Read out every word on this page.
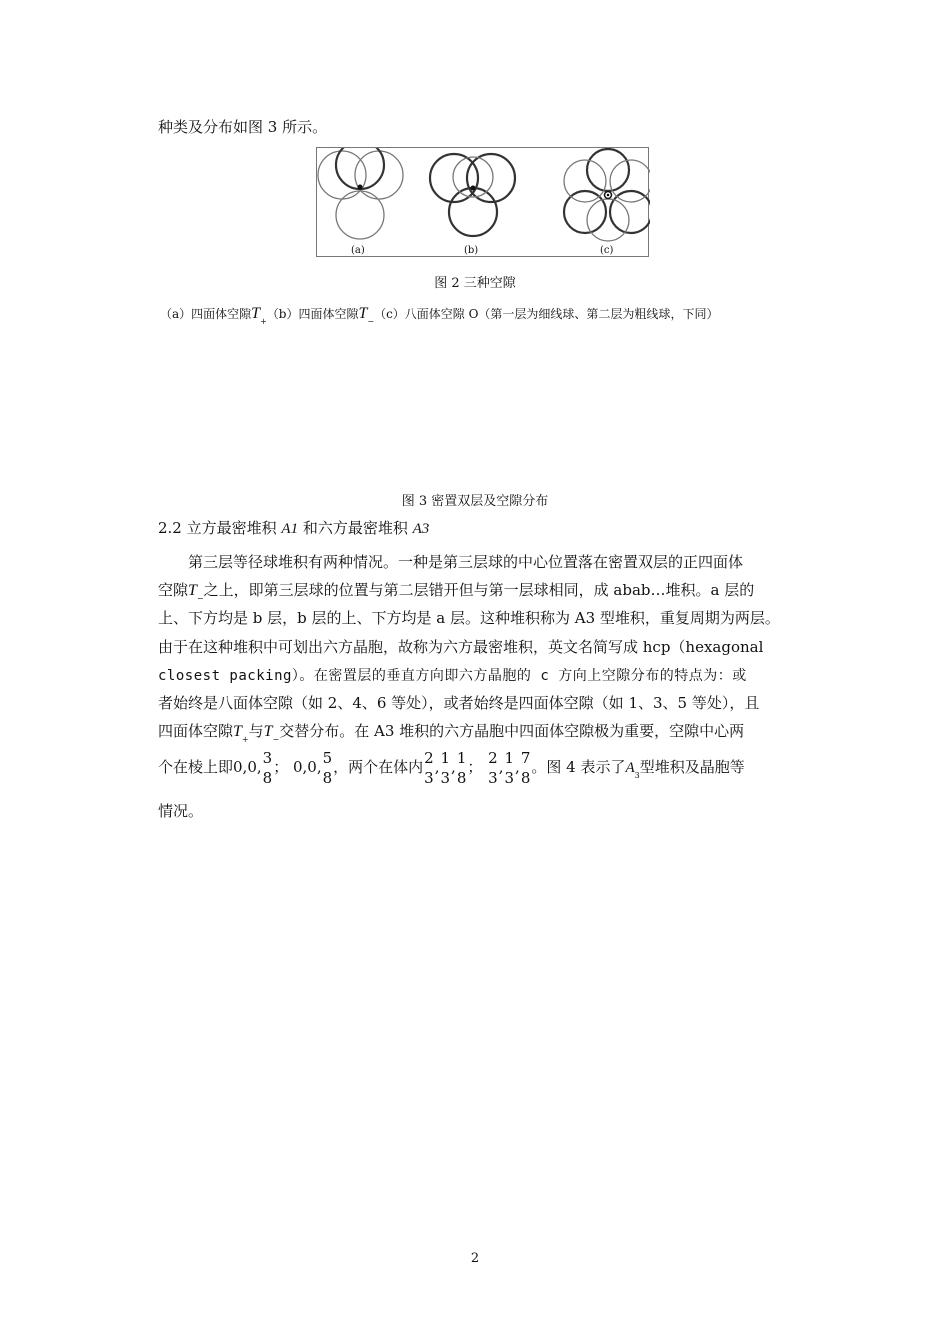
种类及分布如图 3 所示。
(a)	(b)	(c)
图 2 三种空隙
（a）四面体空隙$T_+(b)$四面体空隙$T_-(c)$八面体空隙 O（第一层为细线球、第二层为粗线球，下同）
图 3 密置双层及空隙分布
2.2 立方最密堆积 A1 和六方最密堆积 A3
第三层等径球堆积有两种情况。一种是第三层球的中心位置落在密置双层的正四面体
空隙$T_-$之上，即第三层球的位置与第二层错开但与第一层球相同，成 abab…堆积。a 层的
上、下方均是 b 层，b 层的上、下方均是 a 层。这种堆积称为 A3 型堆积，重复周期为两层。
由于在这种堆积中可划出六方晶胞，故称为六方最密堆积，英文名简写成 hcp（hexagonal
closest packing）。在密置层的垂直方向即六方晶胞的 c 方向上空隙分布的特点为：或
者始终是八面体空隙（如 2、4、6 等处），或者始终是四面体空隙（如 1、3、5 等处），且
四面体空隙$T_+$与$T_-$交替分布。在 A3 堆积的六方晶胞中四面体空隙极为重要，空隙中心两
个在棱上即0,0, 3
8
； 0,0, 5
8
，两个在体内 2
3
, 1
3
, 1
8
； 2
3
, 1
3
, 7
8
。图 4 表示了$A_3$型堆积及晶胞等
情况。
2
